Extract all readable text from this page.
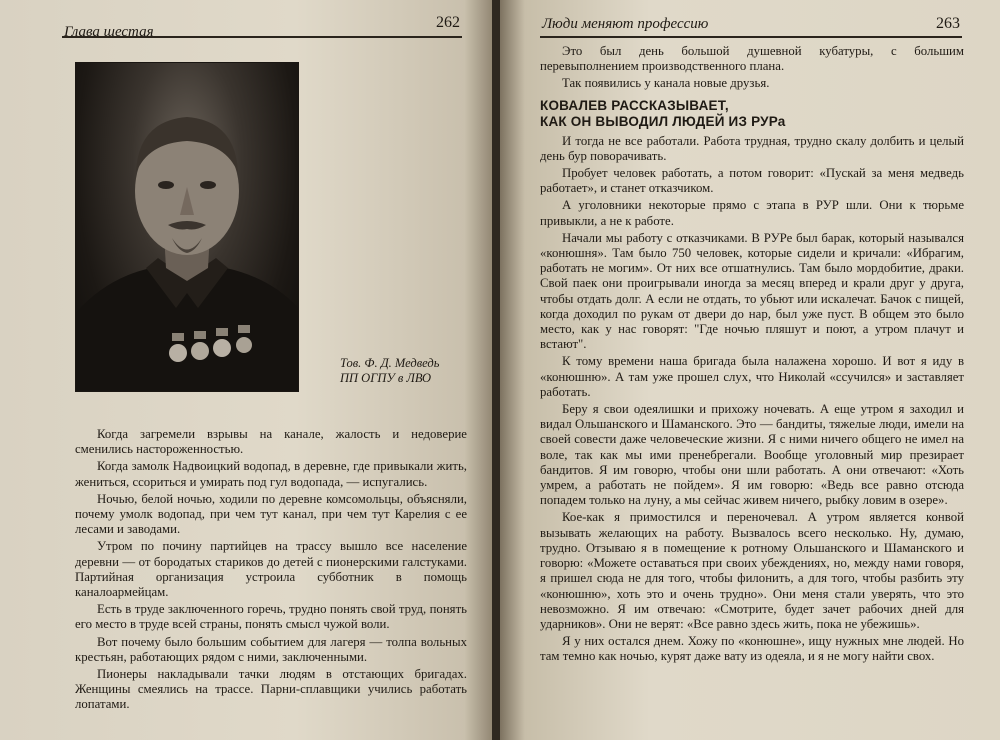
Глава шестая
262
Тов. Ф. Д. Медведь
ПП ОГПУ в ЛВО

Когда загремели взрывы на канале, жалость и недоверие сменились настороженностью.

Когда замолк Надвоицкий водопад, в деревне, где привыкали жить, жениться, ссориться и умирать под гул водопада, — испугались.

Ночью, белой ночью, ходили по деревне комсомольцы, объясняли, почему умолк водопад, при чем тут канал, при чем тут Карелия с ее лесами и заводами.

Утром по почину партийцев на трассу вышло все население деревни — от бородатых стариков до детей с пионерскими галстуками. Партийная организация устроила субботник в помощь каналоармейцам.

Есть в труде заключенного горечь, трудно понять свой труд, понять его место в труде всей страны, понять смысл чужой воли.

Вот почему было большим событием для лагеря — толпа вольных крестьян, работающих рядом с ними, заключенными.

Пионеры накладывали тачки людям в отстающих бригадах. Женщины смеялись на трассе. Парни-сплавщики учились работать лопатами.

Люди меняют профессию	263

Это был день большой душевной кубатуры, с большим перевыполнением производственного плана.

Так появились у канала новые друзья.

КОВАЛЕВ РАССКАЗЫВАЕТ,
КАК ОН ВЫВОДИЛ ЛЮДЕЙ ИЗ РУРа

И тогда не все работали. Работа трудная, трудно скалу долбить и целый день бур поворачивать.

Пробует человек работать, а потом говорит: «Пускай за меня медведь работает», и станет отказчиком.

А уголовники некоторые прямо с этапа в РУР шли. Они к тюрьме привыкли, а не к работе.

Начали мы работу с отказчиками. В РУРе был барак, который назывался «конюшня». Там было 750 человек, которые сидели и кричали: «Ибрагим, работать не могим». От них все отшатнулись. Там было мордобитие, драки. Свой паек они проигрывали иногда за месяц вперед и крали друг у друга, чтобы отдать долг. А если не отдать, то убьют или искалечат. Бачок с пищей, когда доходил по рукам от двери до нар, был уже пуст. В общем это было место, как у нас говорят: "Где ночью пляшут и поют, а утром плачут и встают".

К тому времени наша бригада была налажена хорошо. И вот я иду в «конюшню». А там уже прошел слух, что Николай «ссучился» и заставляет работать.

Беру я свои одеялишки и прихожу ночевать. А еще утром я заходил и видал Ольшанского и Шаманского. Это — бандиты, тяжелые люди, имели на своей совести даже человеческие жизни. Я с ними ничего общего не имел на воле, так как мы ими пренебрегали. Вообще уголовный мир презирает бандитов. Я им говорю, чтобы они шли работать. А они отвечают: «Хоть умрем, а работать не пойдем». Я им говорю: «Ведь все равно отсюда попадем только на луну, а мы сейчас живем ничего, рыбку ловим в озере».

Кое-как я примостился и переночевал. А утром является конвой вызывать желающих на работу. Вызвалось всего несколько. Ну, думаю, трудно. Отзываю я в помещение к ротному Ольшанского и Шаманского и говорю: «Можете оставаться при своих убеждениях, но, между нами говоря, я пришел сюда не для того, чтобы филонить, а для того, чтобы разбить эту «конюшню», хоть это и очень трудно». Они меня стали уверять, что это невозможно. Я им отвечаю: «Смотрите, будет зачет рабочих дней для ударников». Они не верят: «Все равно здесь жить, пока не убежишь».

Я у них остался днем. Хожу по «конюшне», ищу нужных мне людей. Но там темно как ночью, курят даже вату из одеяла, и я не могу найти свох.
